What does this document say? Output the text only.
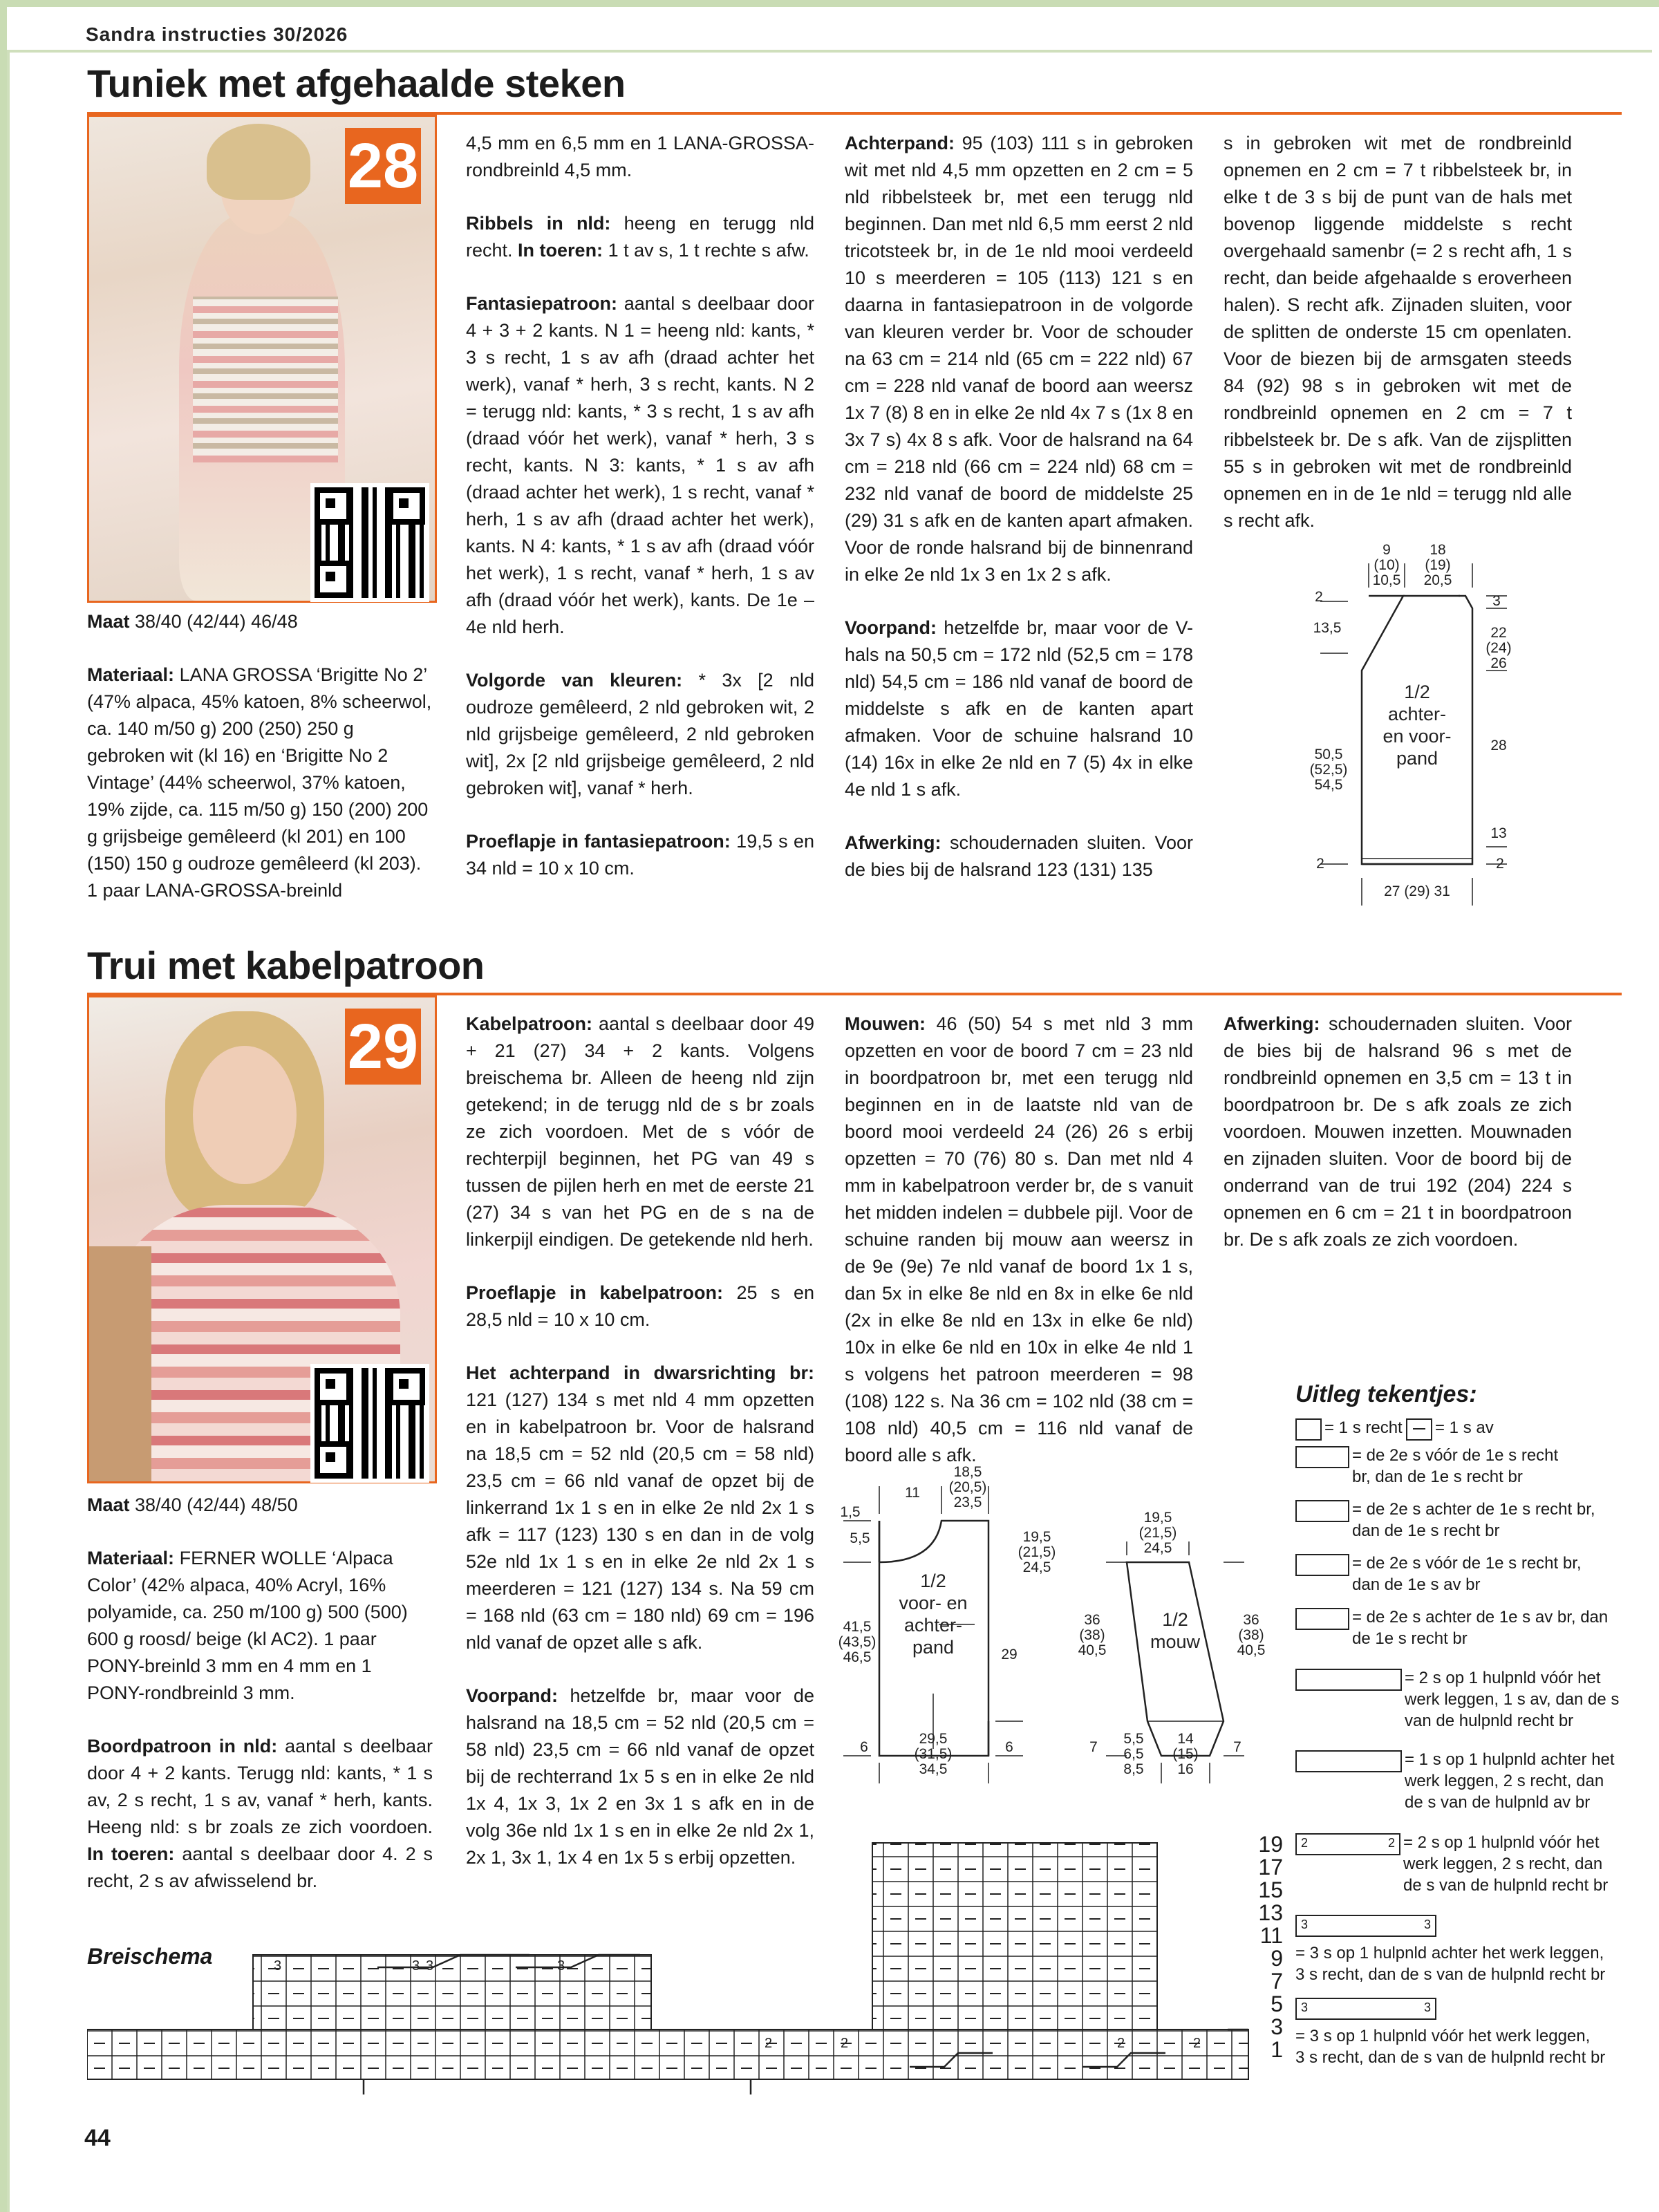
Sandra instructies 30/2026
Tuniek met afgehaalde steken
28

Maat 38/40 (42/44) 46/48

Materiaal: LANA GROSSA ‘Brigitte No 2’ (47% alpaca, 45% katoen, 8% scheerwol, ca. 140 m/50 g) 200 (250) 250 g gebroken wit (kl 16) en ‘Brigitte No 2 Vintage’ (44% scheerwol, 37% katoen, 19% zijde, ca. 115 m/50 g) 150 (200) 200 g grijsbeige gemêleerd (kl 201) en 100 (150) 150 g oudroze gemêleerd (kl 203). 1 paar LANA-GROSSA-breinld

4,5 mm en 6,5 mm en 1 LANA-GROSSA-rondbreinld 4,5 mm.

Ribbels in nld: heeng en terugg nld recht. In toeren: 1 t av s, 1 t rechte s afw.

Fantasiepatroon: aantal s deelbaar door 4 + 3 + 2 kants. N 1 = heeng nld: kants, * 3 s recht, 1 s av afh (draad achter het werk), vanaf * herh, 3 s recht, kants. N 2 = terugg nld: kants, * 3 s recht, 1 s av afh (draad vóór het werk), vanaf * herh, 3 s recht, kants. N 3: kants, * 1 s av afh (draad achter het werk), 1 s recht, vanaf * herh, 1 s av afh (draad achter het werk), kants. N 4: kants, * 1 s av afh (draad vóór het werk), 1 s recht, vanaf * herh, 1 s av afh (draad vóór het werk), kants. De 1e – 4e nld herh.

Volgorde van kleuren: * 3x [2 nld oudroze gemêleerd, 2 nld gebroken wit, 2 nld grijsbeige gemêleerd, 2 nld gebroken wit], 2x [2 nld grijsbeige gemêleerd, 2 nld gebroken wit], vanaf * herh.

Proeflapje in fantasiepatroon: 19,5 s en 34 nld = 10 x 10 cm.

Achterpand: 95 (103) 111 s in gebroken wit met nld 4,5 mm opzetten en 2 cm = 5 nld ribbelsteek br, met een terugg nld beginnen. Dan met nld 6,5 mm eerst 2 nld tricotsteek br, in de 1e nld mooi verdeeld 10 s meerderen = 105 (113) 121 s en daarna in fantasiepatroon in de volgorde van kleuren verder br. Voor de schouder na 63 cm = 214 nld (65 cm = 222 nld) 67 cm = 228 nld vanaf de boord aan weersz 1x 7 (8) 8 en in elke 2e nld 4x 7 s (1x 8 en 3x 7 s) 4x 8 s afk. Voor de halsrand na 64 cm = 218 nld (66 cm = 224 nld) 68 cm = 232 nld vanaf de boord de middelste 25 (29) 31 s afk en de kanten apart afmaken. Voor de ronde halsrand bij de binnenrand in elke 2e nld 1x 3 en 1x 2 s afk.

Voorpand: hetzelfde br, maar voor de V-hals na 50,5 cm = 172 nld (52,5 cm = 178 nld) 54,5 cm = 186 nld vanaf de boord de middelste s afk en de kanten apart afmaken. Voor de schuine halsrand 10 (14) 16x in elke 2e nld en 7 (5) 4x in elke 4e nld 1 s afk.

Afwerking: schoudernaden sluiten. Voor de bies bij de halsrand 123 (131) 135

s in gebroken wit met de rondbreinld opnemen en 2 cm = 7 t ribbelsteek br, in elke t de 3 s bij de punt van de hals met bovenop liggende middelste s recht overgehaald samenbr (= 2 s recht afh, 1 s recht, dan beide afgehaalde s eroverheen halen). S recht afk. Zijnaden sluiten, voor de splitten de onderste 15 cm openlaten. Voor de biezen bij de armsgaten steeds 84 (92) 98 s in gebroken wit met de rondbreinld opnemen en 2 cm = 7 t ribbelsteek br. De s afk. Van de zijsplitten 55 s in gebroken wit met de rondbreinld opnemen en in de 1e nld = terugg nld alle s recht afk.

9
(10)
10,5
18
(19)
20,5
2
13,5
3
22
(24)
26
1/2
achter-
en voor-
pand
50,5
(52,5)
54,5
28
13
2	2
27 (29) 31
Trui met kabelpatroon
29

Maat 38/40 (42/44) 48/50

Materiaal: FERNER WOLLE ‘Alpaca Color’ (42% alpaca, 40% Acryl, 16% polyamide, ca. 250 m/100 g) 500 (500) 600 g roosd/ beige (kl AC2). 1 paar PONY-breinld 3 mm en 4 mm en 1 PONY-rondbreinld 3 mm.

Boordpatroon in nld: aantal s deelbaar door 4 + 2 kants. Terugg nld: kants, * 1 s av, 2 s recht, 1 s av, vanaf * herh, kants. Heeng nld: s br zoals ze zich voordoen. In toeren: aantal s deelbaar door 4. 2 s recht, 2 s av afwisselend br.

Kabelpatroon: aantal s deelbaar door 49 + 21 (27) 34 + 2 kants. Volgens breischema br. Alleen de heeng nld zijn getekend; in de terugg nld de s br zoals ze zich voordoen. Met de s vóór de rechterpijl beginnen, het PG van 49 s tussen de pijlen herh en met de eerste 21 (27) 34 s van het PG en de s na de linkerpijl eindigen. De getekende nld herh.

Proeflapje in kabelpatroon: 25 s en 28,5 nld = 10 x 10 cm.

Het achterpand in dwarsrichting br: 121 (127) 134 s met nld 4 mm opzetten en in kabelpatroon br. Voor de halsrand na 18,5 cm = 52 nld (20,5 cm = 58 nld) 23,5 cm = 66 nld vanaf de opzet bij de linkerrand 1x 1 s en in elke 2e nld 2x 1 s afk = 117 (123) 130 s en dan in de volg 52e nld 1x 1 s en in elke 2e nld 2x 1 s meerderen = 121 (127) 134 s. Na 59 cm = 168 nld (63 cm = 180 nld) 69 cm = 196 nld vanaf de opzet alle s afk.

Voorpand: hetzelfde br, maar voor de halsrand na 18,5 cm = 52 nld (20,5 cm = 58 nld) 23,5 cm = 66 nld vanaf de opzet bij de rechterrand 1x 5 s en in elke 2e nld 1x 4, 1x 3, 1x 2 en 3x 1 s afk en in de volg 36e nld 1x 1 s en in elke 2e nld 2x 1, 2x 1, 3x 1, 1x 4 en 1x 5 s erbij opzetten.

Mouwen: 46 (50) 54 s met nld 3 mm opzetten en voor de boord 7 cm = 23 nld in boordpatroon br, met een terugg nld beginnen en in de laatste nld van de boord mooi verdeeld 24 (26) 26 s erbij opzetten = 70 (76) 80 s. Dan met nld 4 mm in kabelpatroon verder br, de s vanuit het midden indelen = dubbele pijl. Voor de schuine randen bij mouw aan weersz in de 9e (9e) 7e nld vanaf de boord 1x 1 s, dan 5x in elke 8e nld en 8x in elke 6e nld (2x in elke 8e nld en 13x in elke 6e nld) 10x in elke 6e nld en 10x in elke 4e nld 1 s volgens het patroon meerderen = 98 (108) 122 s. Na 36 cm = 102 nld (38 cm = 108 nld) 40,5 cm = 116 nld vanaf de boord alle s afk.

Afwerking: schoudernaden sluiten. Voor de bies bij de halsrand 96 s met de rondbreinld opnemen en 3,5 cm = 13 t in boordpatroon br. De s afk zoals ze zich voordoen. Mouwen inzetten. Mouwnaden en zijnaden sluiten. Voor de boord bij de onderrand van de trui 192 (204) 224 s opnemen en 6 cm = 21 t in boordpatroon br. De s afk zoals ze zich voordoen.

18,5
(20,5)
23,5
11
1,5
5,5	19,5
(21,5)
24,5
1/2
voor- en
achter-
pand
41,5
(43,5)
46,5	29
6	6
29,5
(31,5)
34,5
19,5
(21,5)
24,5
36
(38)
40,5
1/2
mouw
36
(38)
40,5
7	7
5,5
6,5
8,5
14
(15)
16
Breischema	3	3 3	3
2	2	2	2
19
17
15
13
11
9
7
5
3
1
Uitleg tekentjes:
= 1 s recht = 1 s av
= de 2e s vóór de 1e s recht
br, dan de 1e s recht br
= de 2e s achter de 1e s recht br,
dan de 1e s recht br
= de 2e s vóór de 1e s recht br,
dan de 1e s av br
= de 2e s achter de 1e s av br, dan
de 1e s recht br
= 2 s op 1 hulpnld vóór het
werk leggen, 1 s av, dan de s
van de hulpnld recht br
= 1 s op 1 hulpnld achter het
werk leggen, 2 s recht, dan
de s van de hulpnld av br
2	2 = 2 s op 1 hulpnld vóór het
werk leggen, 2 s recht, dan
de s van de hulpnld recht br
3	3
= 3 s op 1 hulpnld achter het werk leggen,
3 s recht, dan de s van de hulpnld recht br
3	3
= 3 s op 1 hulpnld vóór het werk leggen,
3 s recht, dan de s van de hulpnld recht br
44
